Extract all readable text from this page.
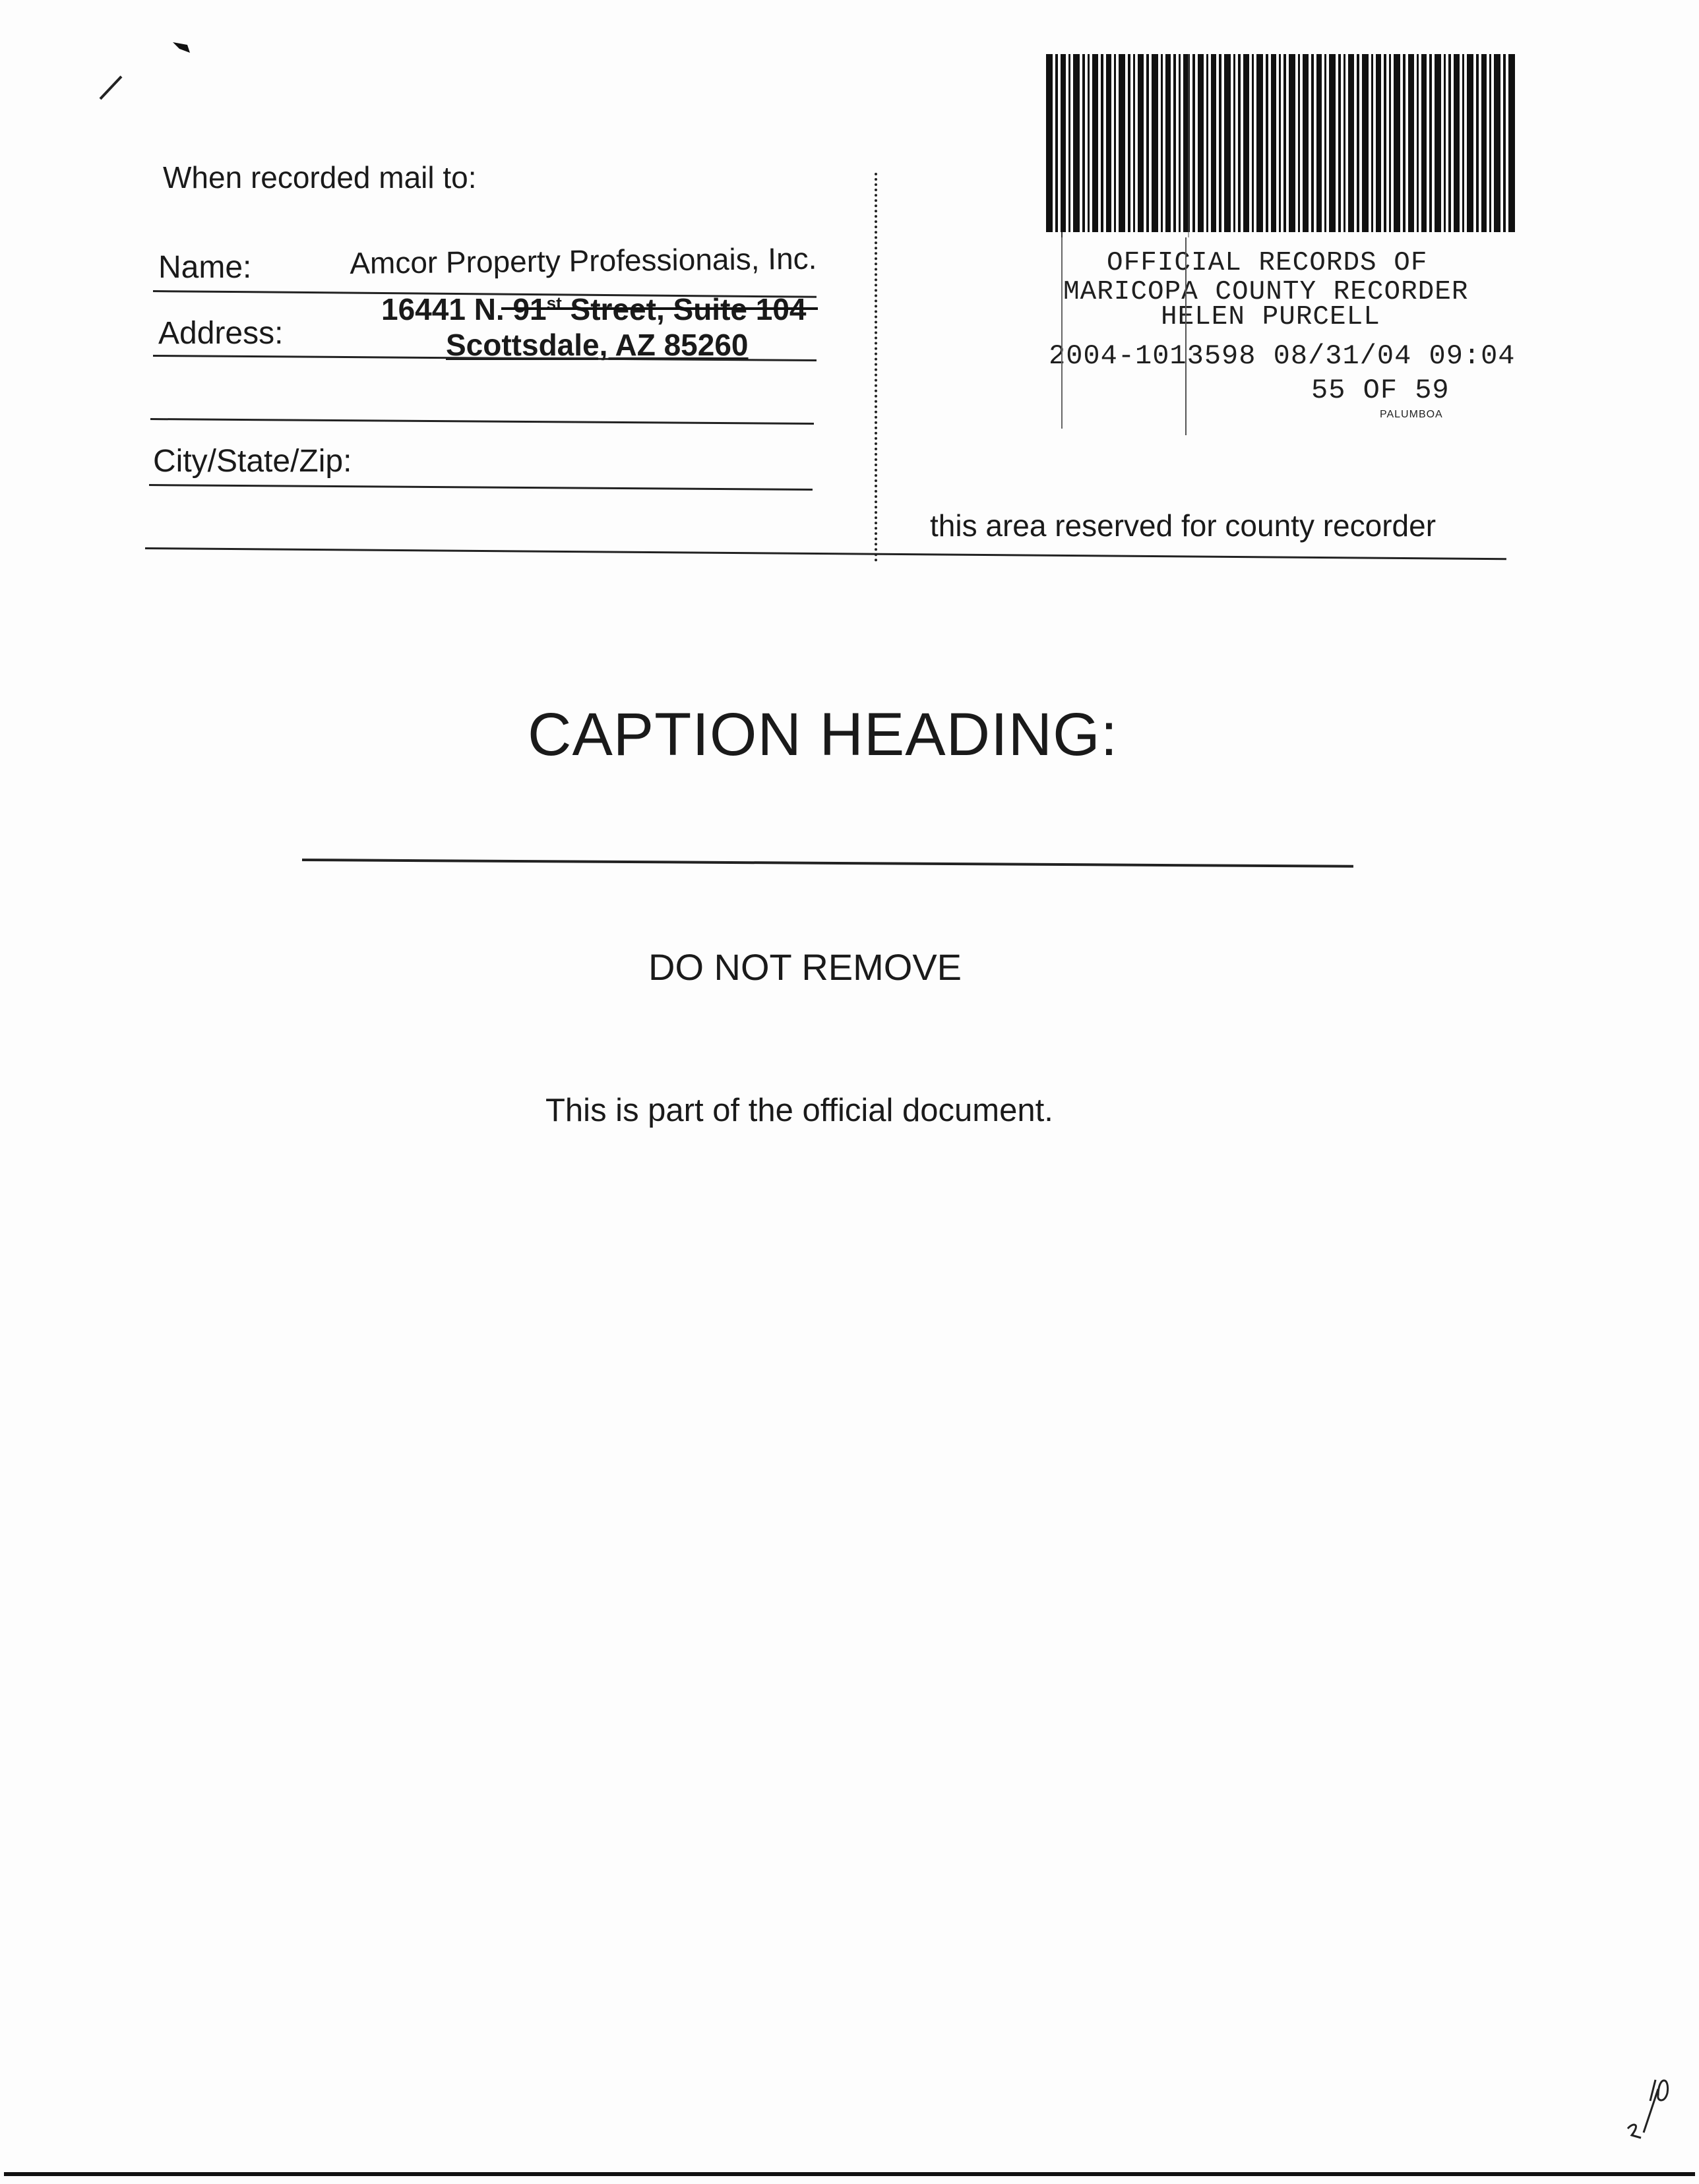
When recorded mail to:
Name:	Amcor Property Professionais, Inc.
Address:
16441 N. 91st Street, Suite 104
Scottsdale, AZ 85260
City/State/Zip:
OFFICIAL RECORDS OF
MARICOPA COUNTY RECORDER
HELEN PURCELL
2004-1013598 08/31/04 09:04
55 OF 59
PALUMBOA
this area reserved for county recorder
CAPTION HEADING:
DO NOT REMOVE
This is part of the official document.
